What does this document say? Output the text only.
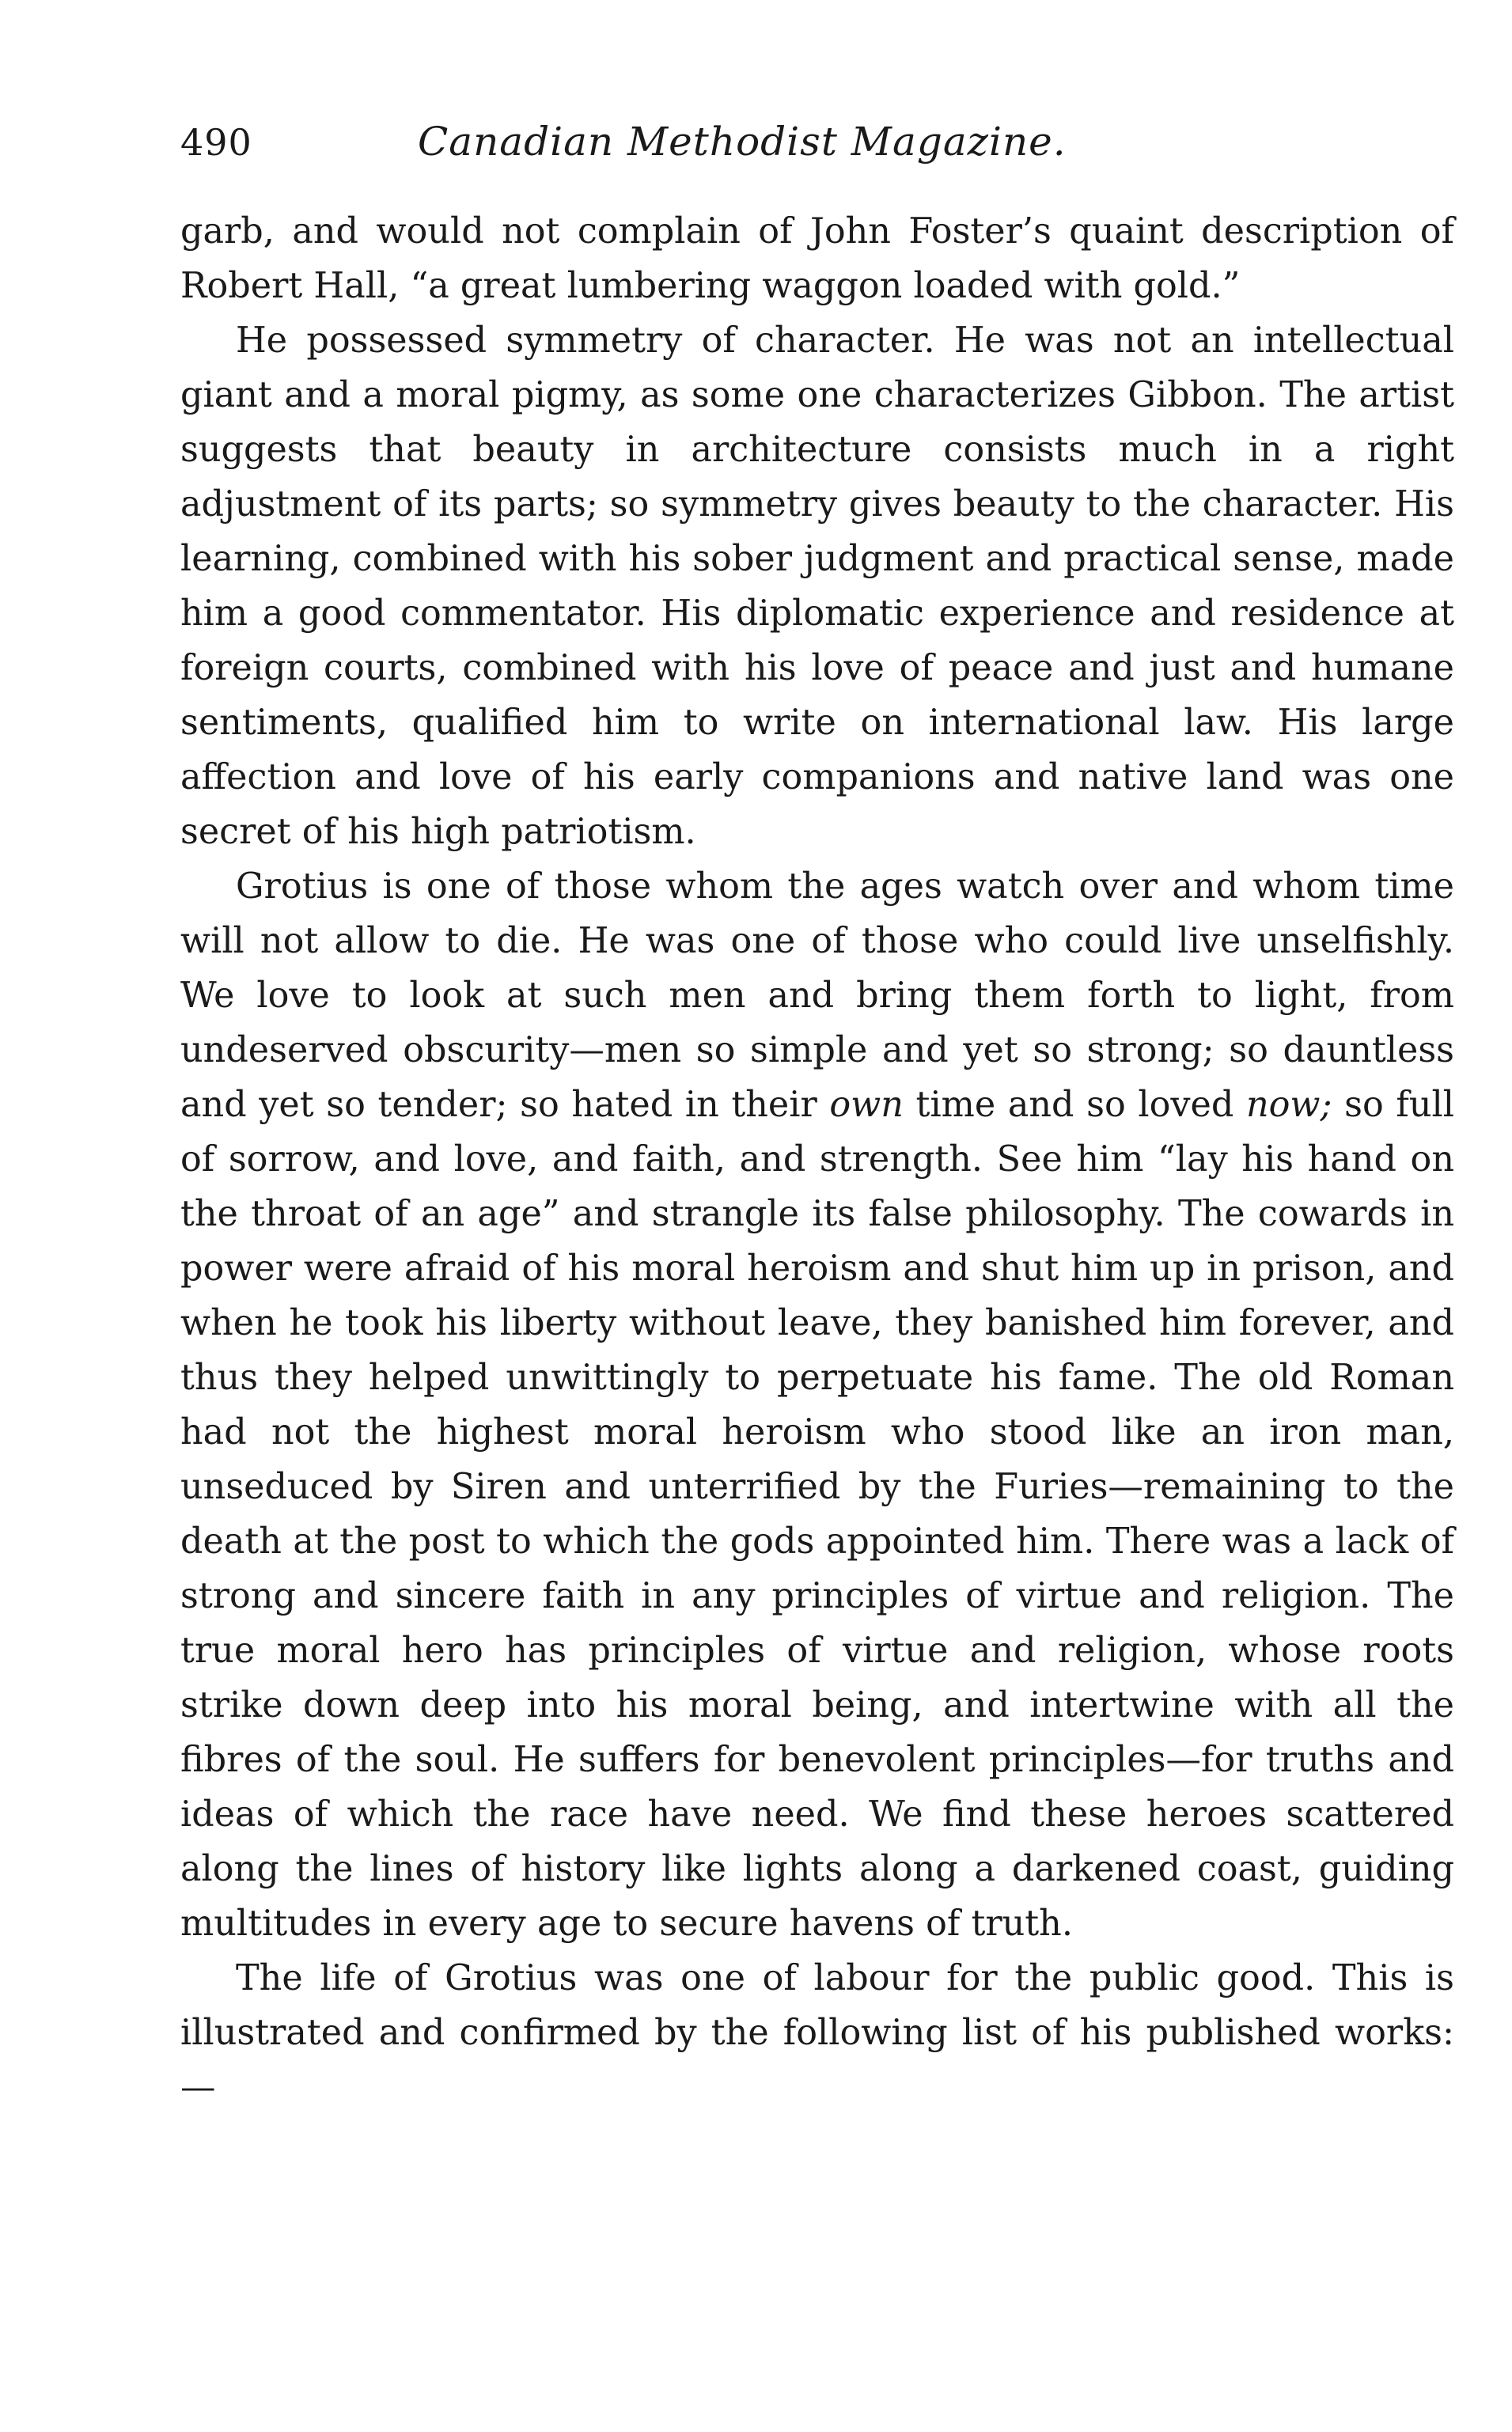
490	Canadian Methodist Magazine.

garb, and would not complain of John Foster’s quaint description of Robert Hall, “a great lumbering waggon loaded with gold.”

He possessed symmetry of character. He was not an intellectual giant and a moral pigmy, as some one characterizes Gibbon. The artist suggests that beauty in architecture consists much in a right adjustment of its parts; so symmetry gives beauty to the character. His learning, combined with his sober judgment and practical sense, made him a good commentator. His diplomatic experience and residence at foreign courts, combined with his love of peace and just and humane sentiments, qualified him to write on international law. His large affection and love of his early companions and native land was one secret of his high patriotism.

Grotius is one of those whom the ages watch over and whom time will not allow to die. He was one of those who could live unselfishly. We love to look at such men and bring them forth to light, from undeserved obscurity—men so simple and yet so strong; so dauntless and yet so tender; so hated in their own time and so loved now; so full of sorrow, and love, and faith, and strength. See him “lay his hand on the throat of an age” and strangle its false philosophy. The cowards in power were afraid of his moral heroism and shut him up in prison, and when he took his liberty without leave, they banished him forever, and thus they helped unwittingly to perpetuate his fame. The old Roman had not the highest moral heroism who stood like an iron man, unseduced by Siren and unterrified by the Furies—remaining to the death at the post to which the gods appointed him. There was a lack of strong and sincere faith in any principles of virtue and religion. The true moral hero has principles of virtue and religion, whose roots strike down deep into his moral being, and intertwine with all the fibres of the soul. He suffers for benevolent principles—for truths and ideas of which the race have need. We find these heroes scattered along the lines of history like lights along a darkened coast, guiding multitudes in every age to secure havens of truth.

The life of Grotius was one of labour for the public good. This is illustrated and confirmed by the following list of his published works:—
